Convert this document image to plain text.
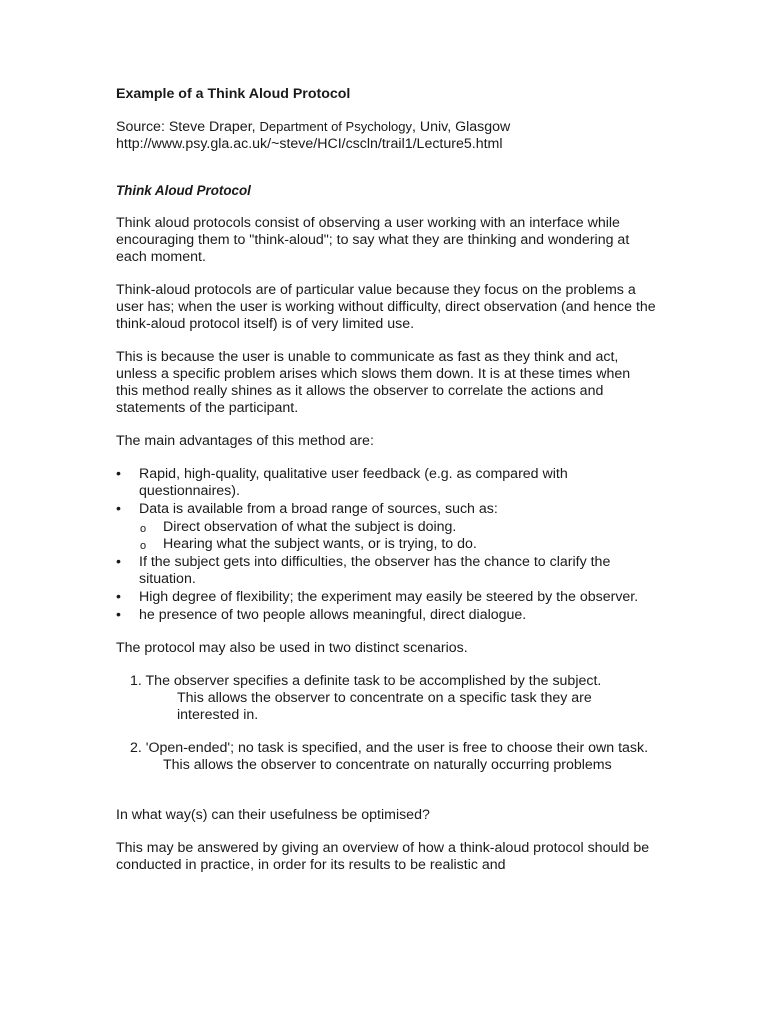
Example of a Think Aloud Protocol

Source: Steve Draper, Department of Psychology, Univ, Glasgow

http://www.psy.gla.ac.uk/~steve/HCI/cscln/trail1/Lecture5.html

Think Aloud Protocol

Think aloud protocols consist of observing a user working with an interface while encouraging them to "think-aloud"; to say what they are thinking and wondering at each moment.

Think-aloud protocols are of particular value because they focus on the problems a user has; when the user is working without difficulty, direct observation (and hence the think-aloud protocol itself) is of very limited use.

This is because the user is unable to communicate as fast as they think and act, unless a specific problem arises which slows them down. It is at these times when this method really shines as it allows the observer to correlate the actions and statements of the participant.

The main advantages of this method are:

•	Rapid, high-quality, qualitative user feedback (e.g. as compared with questionnaires).
•	Data is available from a broad range of sources, such as:
o Direct observation of what the subject is doing.
o Hearing what the subject wants, or is trying, to do.
•	If the subject gets into difficulties, the observer has the chance to clarify the situation.
•	High degree of flexibility; the experiment may easily be steered by the observer.
•	he presence of two people allows meaningful, direct dialogue.

The protocol may also be used in two distinct scenarios.

1. The observer specifies a definite task to be accomplished by the subject.

This allows the observer to concentrate on a specific task they are interested in.

2. 'Open-ended'; no task is specified, and the user is free to choose their own task.

This allows the observer to concentrate on naturally occurring problems

In what way(s) can their usefulness be optimised?

This may be answered by giving an overview of how a think-aloud protocol should be conducted in practice, in order for its results to be realistic and
